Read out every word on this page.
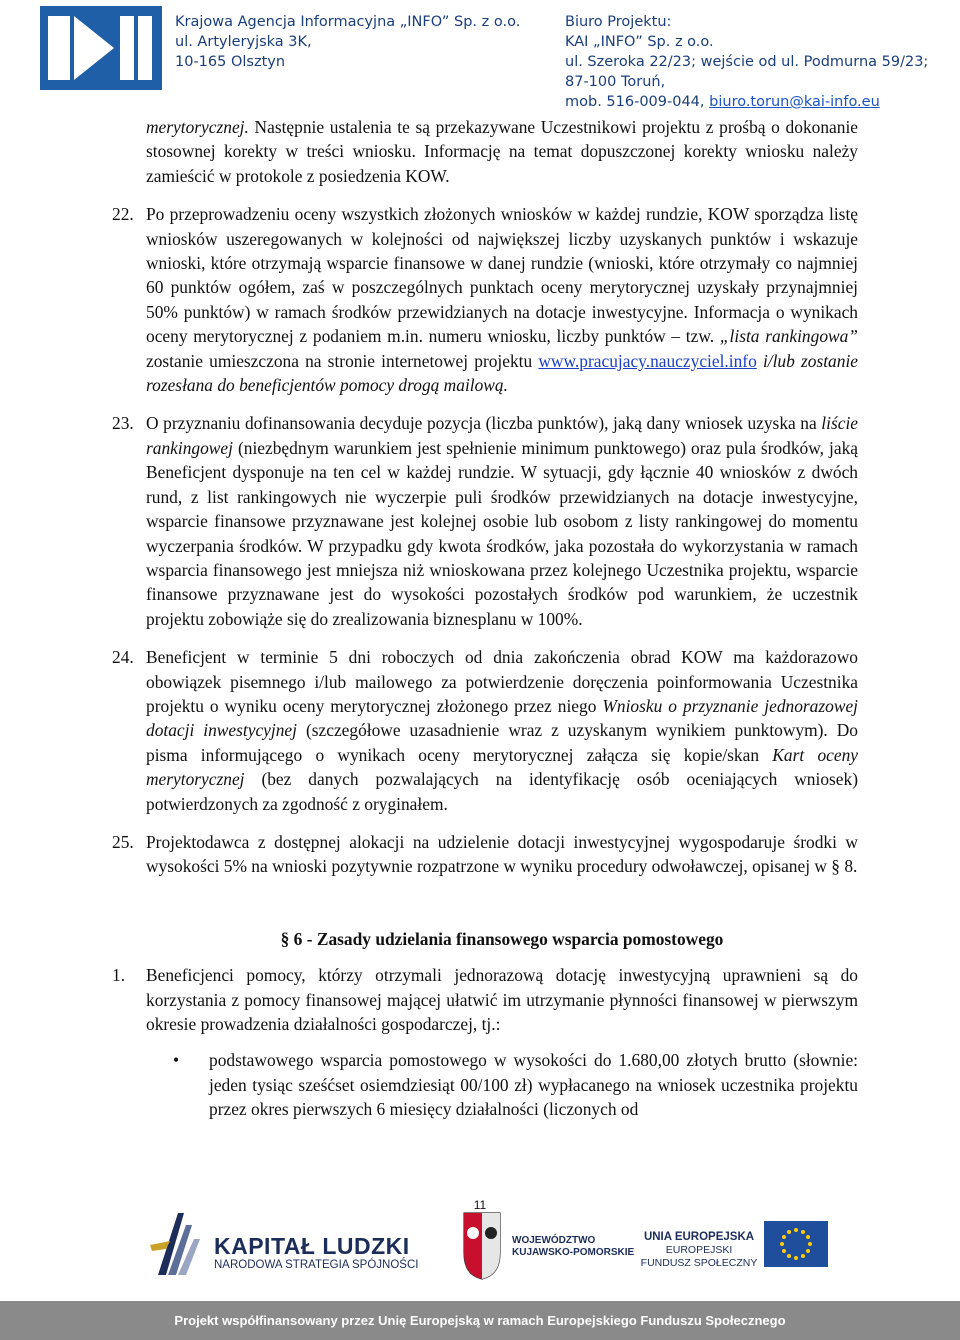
Krajowa Agencja Informacyjna „INFO” Sp. z o.o.
ul. Artyleryjska 3K,
10-165 Olsztyn
Biuro Projektu:
KAI „INFO” Sp. z o.o.
ul. Szeroka 22/23; wejście od ul. Podmurna 59/23;
87-100 Toruń,
mob. 516-009-044, biuro.torun@kai-info.eu

merytorycznej. Następnie ustalenia te są przekazywane Uczestnikowi projektu z prośbą o dokonanie stosownej korekty w treści wniosku. Informację na temat dopuszczonej korekty wniosku należy zamieścić w protokole z posiedzenia KOW.

22. Po przeprowadzeniu oceny wszystkich złożonych wniosków w każdej rundzie, KOW sporządza listę wniosków uszeregowanych w kolejności od największej liczby uzyskanych punktów i wskazuje wnioski, które otrzymają wsparcie finansowe w danej rundzie (wnioski, które otrzymały co najmniej 60 punktów ogółem, zaś w poszczególnych punktach oceny merytorycznej uzyskały przynajmniej 50% punktów) w ramach środków przewidzianych na dotacje inwestycyjne. Informacja o wynikach oceny merytorycznej z podaniem m.in. numeru wniosku, liczby punktów – tzw. „lista rankingowa” zostanie umieszczona na stronie internetowej projektu www.pracujacy.nauczyciel.info i/lub zostanie rozesłana do beneficjentów pomocy drogą mailową.

23. O przyznaniu dofinansowania decyduje pozycja (liczba punktów), jaką dany wniosek uzyska na liście rankingowej (niezbędnym warunkiem jest spełnienie minimum punktowego) oraz pula środków, jaką Beneficjent dysponuje na ten cel w każdej rundzie. W sytuacji, gdy łącznie 40 wniosków z dwóch rund, z list rankingowych nie wyczerpie puli środków przewidzianych na dotacje inwestycyjne, wsparcie finansowe przyznawane jest kolejnej osobie lub osobom z listy rankingowej do momentu wyczerpania środków. W przypadku gdy kwota środków, jaka pozostała do wykorzystania w ramach wsparcia finansowego jest mniejsza niż wnioskowana przez kolejnego Uczestnika projektu, wsparcie finansowe przyznawane jest do wysokości pozostałych środków pod warunkiem, że uczestnik projektu zobowiąże się do zrealizowania biznesplanu w 100%.

24. Beneficjent w terminie 5 dni roboczych od dnia zakończenia obrad KOW ma każdorazowo obowiązek pisemnego i/lub mailowego za potwierdzenie doręczenia poinformowania Uczestnika projektu o wyniku oceny merytorycznej złożonego przez niego Wniosku o przyznanie jednorazowej dotacji inwestycyjnej (szczegółowe uzasadnienie wraz z uzyskanym wynikiem punktowym). Do pisma informującego o wynikach oceny merytorycznej załącza się kopie/skan Kart oceny merytorycznej (bez danych pozwalających na identyfikację osób oceniających wniosek) potwierdzonych za zgodność z oryginałem.

25. Projektodawca z dostępnej alokacji na udzielenie dotacji inwestycyjnej wygospodaruje środki w wysokości 5% na wnioski pozytywnie rozpatrzone w wyniku procedury odwoławczej, opisanej w § 8.

§ 6 - Zasady udzielania finansowego wsparcia pomostowego
1. Beneficjenci pomocy, którzy otrzymali jednorazową dotację inwestycyjną uprawnieni są do korzystania z pomocy finansowej mającej ułatwić im utrzymanie płynności finansowej w pierwszym okresie prowadzenia działalności gospodarczej, tj.:

• podstawowego wsparcia pomostowego w wysokości do 1.680,00 złotych brutto (słownie: jeden tysiąc sześćset osiemdziesiąt 00/100 zł) wypłacanego na wniosek uczestnika projektu przez okres pierwszych 6 miesięcy działalności (liczonych od

11
KAPITAŁ LUDZKI
NARODOWA STRATEGIA SPÓJNOŚCI
WOJEWÓDZTWO
KUJAWSKO-POMORSKIE
UNIA EUROPEJSKA
EUROPEJSKI
FUNDUSZ SPOŁECZNY
Projekt współfinansowany przez Unię Europejską w ramach Europejskiego Funduszu Społecznego
